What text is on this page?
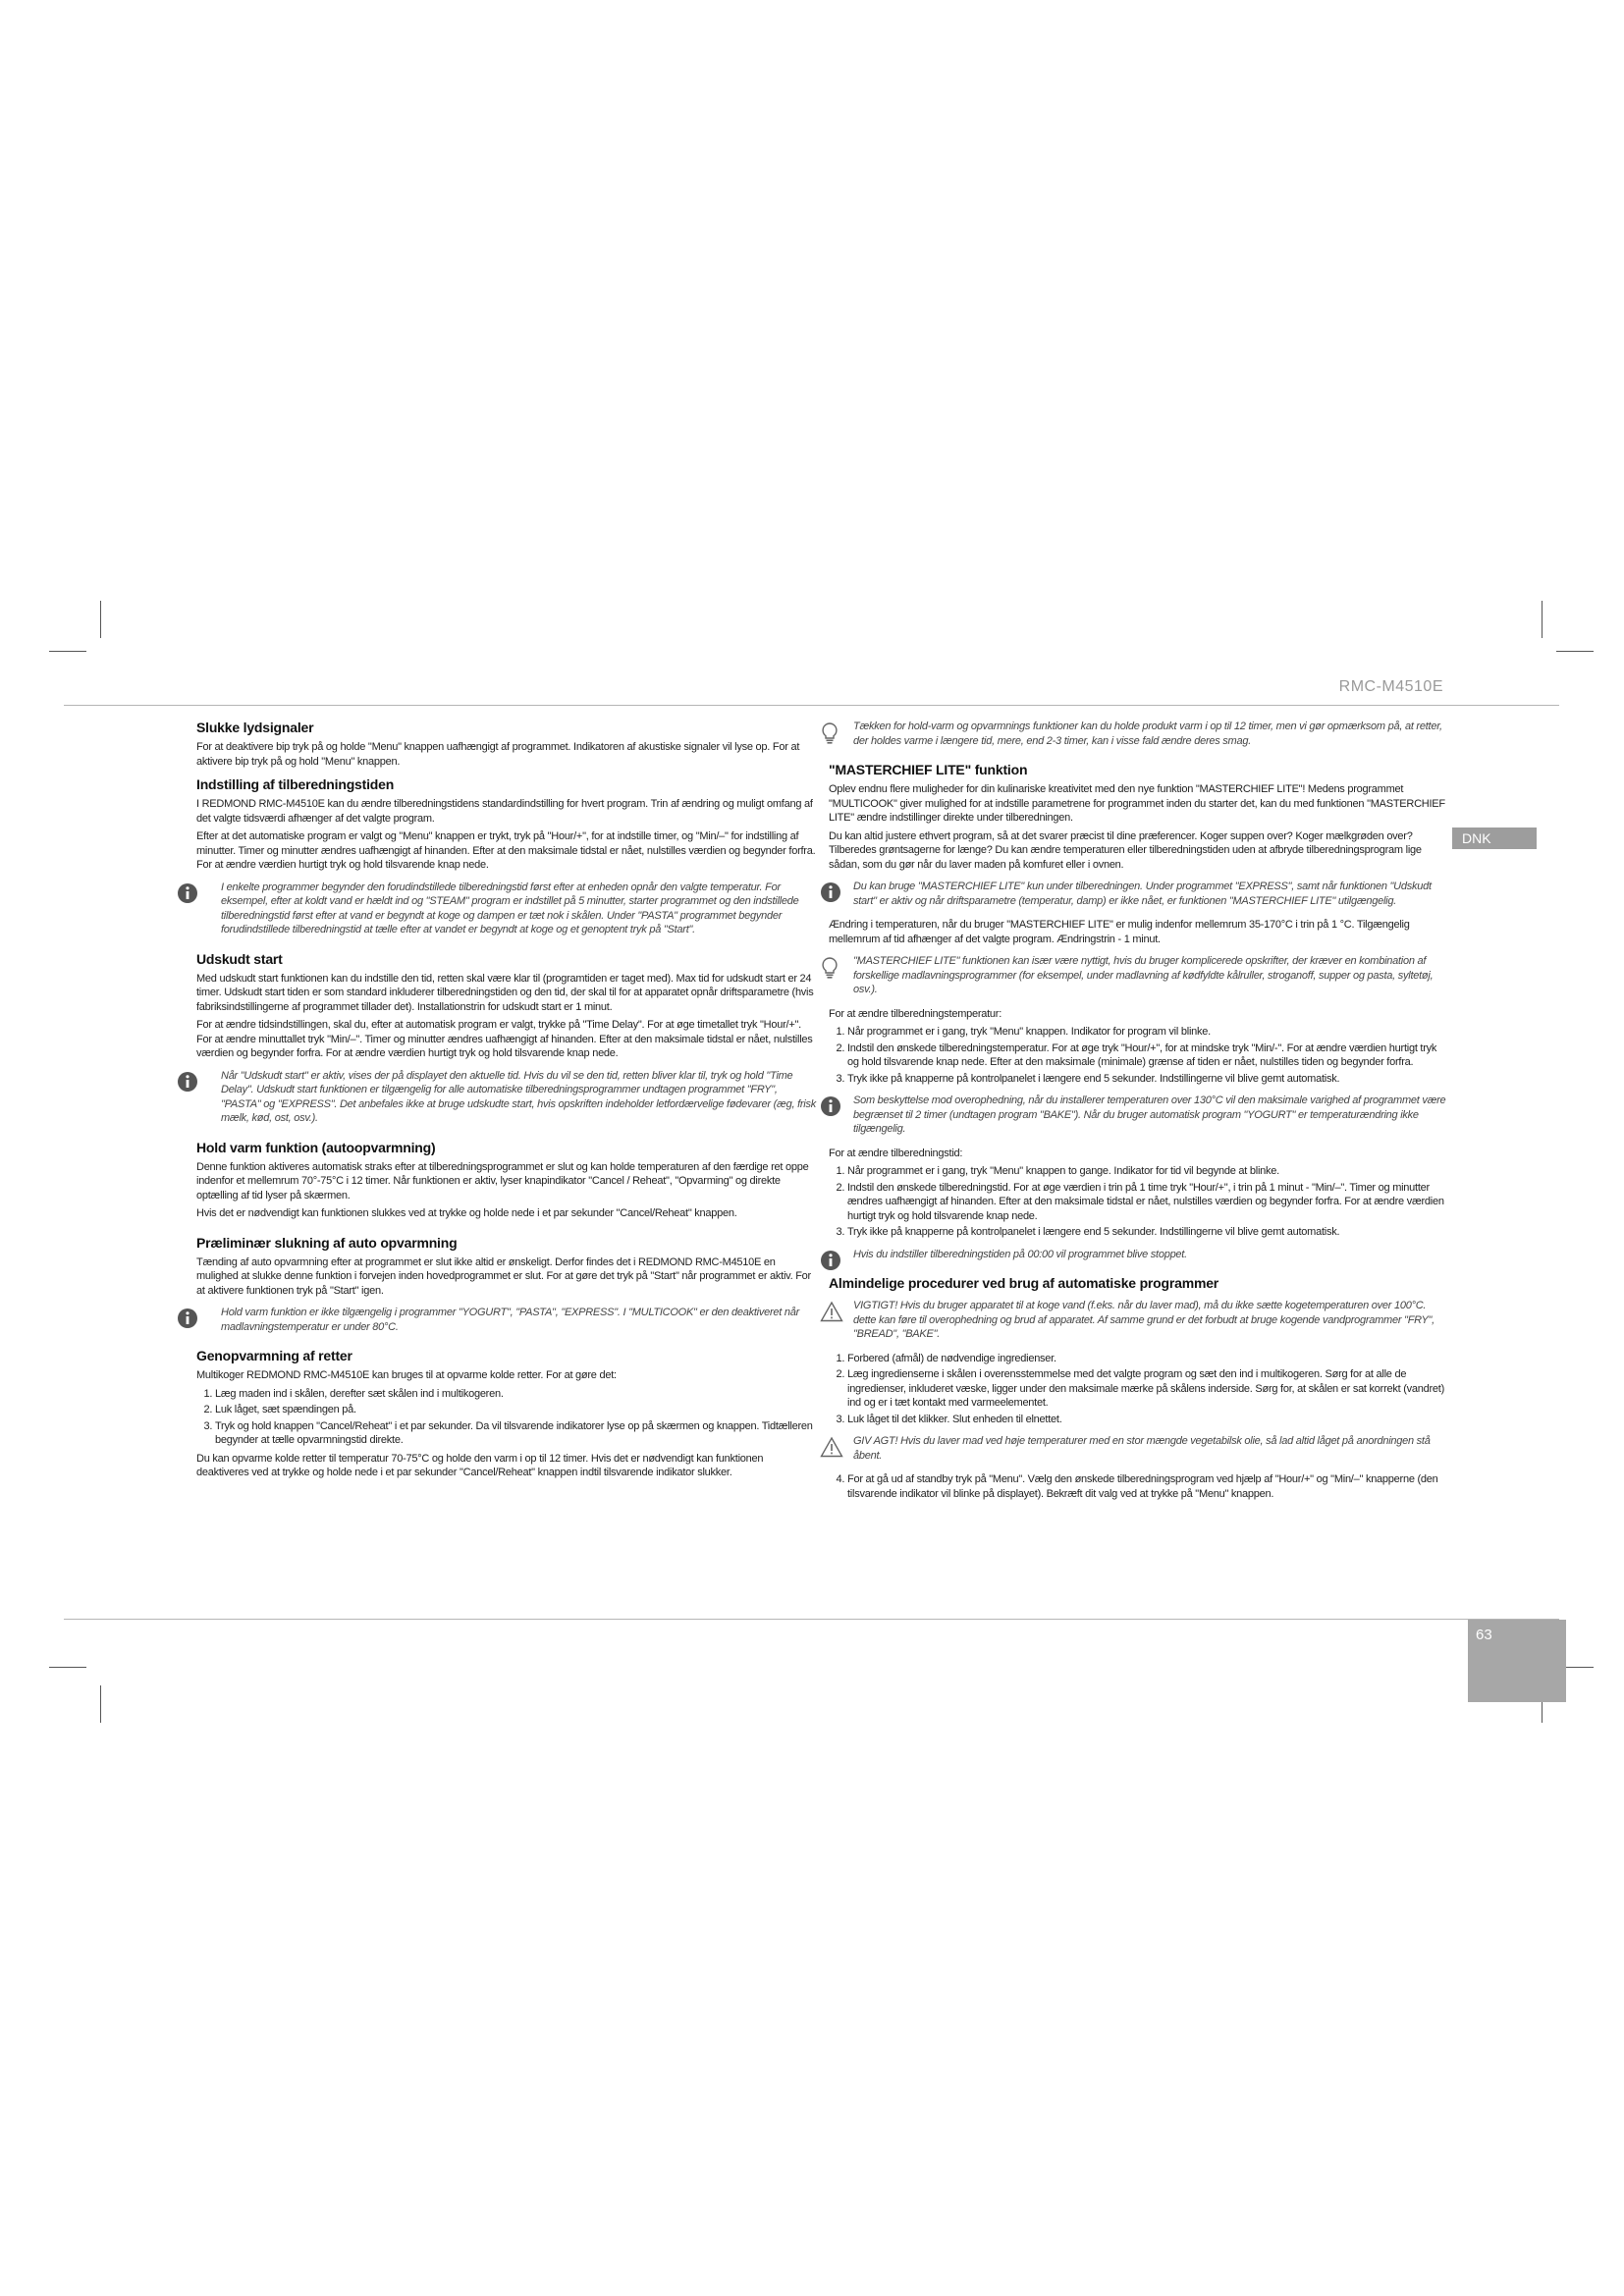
RMC-M4510E
DNK
63
Slukke lydsignaler

For at deaktivere bip tryk på og holde "Menu" knappen uafhængigt af programmet. Indikatoren af akustiske signaler vil lyse op. For at aktivere bip tryk på og hold "Menu" knappen.

Indstilling af tilberedningstiden

I REDMOND RMC-M4510E kan du ændre tilberedningstidens standardindstilling for hvert program. Trin af ændring og muligt omfang af det valgte tidsværdi afhænger af det valgte program.

Efter at det automatiske program er valgt og "Menu" knappen er trykt, tryk på "Hour/+", for at indstille timer, og "Min/–" for indstilling af minutter. Timer og minutter ændres uafhængigt af hinanden. Efter at den maksimale tidstal er nået, nulstilles værdien og begynder forfra. For at ændre værdien hurtigt tryk og hold tilsvarende knap nede.

I enkelte programmer begynder den forudindstillede tilberedningstid først efter at enheden opnår den valgte temperatur. For eksempel, efter at koldt vand er hældt ind og "STEAM" program er indstillet på 5 minutter, starter programmet og den indstillede tilberedningstid først efter at vand er begyndt at koge og dampen er tæt nok i skålen. Under "PASTA" programmet begynder forudindstillede tilberedningstid at tælle efter at vandet er begyndt at koge og et genoptent tryk på "Start".

Udskudt start

Med udskudt start funktionen kan du indstille den tid, retten skal være klar til (programtiden er taget med). Max tid for udskudt start er 24 timer. Udskudt start tiden er som standard inkluderer tilberedningstiden og den tid, der skal til for at apparatet opnår driftsparametre (hvis fabriksindstillingerne af programmet tillader det). Installationstrin for udskudt start er 1 minut.

For at ændre tidsindstillingen, skal du, efter at automatisk program er valgt, trykke på "Time Delay". For at øge timetallet tryk "Hour/+". For at ændre minuttallet tryk "Min/–". Timer og minutter ændres uafhængigt af hinanden. Efter at den maksimale tidstal er nået, nulstilles værdien og begynder forfra. For at ændre værdien hurtigt tryk og hold tilsvarende knap nede.

Når "Udskudt start" er aktiv, vises der på displayet den aktuelle tid. Hvis du vil se den tid, retten bliver klar til, tryk og hold "Time Delay". Udskudt start funktionen er tilgængelig for alle automatiske tilberedningsprogrammer undtagen programmet "FRY", "PASTA" og "EXPRESS". Det anbefales ikke at bruge udskudte start, hvis opskriften indeholder letfordærvelige fødevarer (æg, frisk mælk, kød, ost, osv.).

Hold varm funktion (autoopvarmning)

Denne funktion aktiveres automatisk straks efter at tilberedningsprogrammet er slut og kan holde temperaturen af den færdige ret oppe indenfor et mellemrum 70°-75°C i 12 timer. Når funktionen er aktiv, lyser knapindikator "Cancel / Reheat", "Opvarming" og direkte optælling af tid lyser på skærmen.

Hvis det er nødvendigt kan funktionen slukkes ved at trykke og holde nede i et par sekunder "Cancel/Reheat" knappen.

Præliminær slukning af auto opvarmning

Tænding af auto opvarmning efter at programmet er slut ikke altid er ønskeligt. Derfor findes det i REDMOND RMC-M4510E en mulighed at slukke denne funktion i forvejen inden hovedprogrammet er slut. For at gøre det tryk på "Start" når programmet er aktiv. For at aktivere funktionen tryk på "Start" igen.

Hold varm funktion er ikke tilgængelig i programmer "YOGURT", "PASTA", "EXPRESS". I "MULTICOOK" er den deaktiveret når madlavningstemperatur er under 80°C.

Genopvarmning af retter

Multikoger REDMOND RMC-M4510E kan bruges til at opvarme kolde retter. For at gøre det:

1. Læg maden ind i skålen, derefter sæt skålen ind i multikogeren.
2. Luk låget, sæt spændingen på.
3. Tryk og hold knappen "Cancel/Reheat" i et par sekunder. Da vil tilsvarende indikatorer lyse op på skærmen og knappen. Tidtælleren begynder at tælle opvarmningstid direkte.

Du kan opvarme kolde retter til temperatur 70-75°C og holde den varm i op til 12 timer. Hvis det er nødvendigt kan funktionen deaktiveres ved at trykke og holde nede i et par sekunder "Cancel/Reheat" knappen indtil tilsvarende indikator slukker.

Tækken for hold-varm og opvarmnings funktioner kan du holde produkt varm i op til 12 timer, men vi gør opmærksom på, at retter, der holdes varme i længere tid, mere, end 2-3 timer, kan i visse fald ændre deres smag.

"MASTERCHIEF LITE" funktion

Oplev endnu flere muligheder for din kulinariske kreativitet med den nye funktion "MASTERCHIEF LITE"! Medens programmet "MULTICOOK" giver mulighed for at indstille parametrene for programmet inden du starter det, kan du med funktionen "MASTERCHIEF LITE" ændre indstillinger direkte under tilberedningen.

Du kan altid justere ethvert program, så at det svarer præcist til dine præferencer. Koger suppen over? Koger mælkgrøden over? Tilberedes grøntsagerne for længe? Du kan ændre temperaturen eller tilberedningstiden uden at afbryde tilberedningsprogram lige sådan, som du gør når du laver maden på komfuret eller i ovnen.

Du kan bruge "MASTERCHIEF LITE" kun under tilberedningen. Under programmet "EXPRESS", samt når funktionen "Udskudt start" er aktiv og når driftsparametre (temperatur, damp) er ikke nået, er funktionen "MASTERCHIEF LITE" utilgængelig.

Ændring i temperaturen, når du bruger "MASTERCHIEF LITE" er mulig indenfor mellemrum 35-170°C i trin på 1 °C. Tilgængelig mellemrum af tid afhænger af det valgte program. Ændringstrin - 1 minut.

"MASTERCHIEF LITE" funktionen kan især være nyttigt, hvis du bruger komplicerede opskrifter, der kræver en kombination af forskellige madlavningsprogrammer (for eksempel, under madlavning af kødfyldte kålruller, stroganoff, supper og pasta, syltetøj, osv.).

For at ændre tilberedningstemperatur:

1. Når programmet er i gang, tryk "Menu" knappen. Indikator for program vil blinke.
2. Indstil den ønskede tilberedningstemperatur. For at øge tryk "Hour/+", for at mindske tryk "Min/-". For at ændre værdien hurtigt tryk og hold tilsvarende knap nede. Efter at den maksimale (minimale) grænse af tiden er nået, nulstilles tiden og begynder forfra.
3. Tryk ikke på knapperne på kontrolpanelet i længere end 5 sekunder. Indstillingerne vil blive gemt automatisk.

Som beskyttelse mod overophedning, når du installerer temperaturen over 130°C vil den maksimale varighed af programmet være begrænset til 2 timer (undtagen program "BAKE"). Når du bruger automatisk program "YOGURT" er temperaturændring ikke tilgængelig.

For at ændre tilberedningstid:

1. Når programmet er i gang, tryk "Menu" knappen to gange. Indikator for tid vil begynde at blinke.
2. Indstil den ønskede tilberedningstid. For at øge værdien i trin på 1 time tryk "Hour/+", i trin på 1 minut - "Min/–". Timer og minutter ændres uafhængigt af hinanden. Efter at den maksimale tidstal er nået, nulstilles værdien og begynder forfra. For at ændre værdien hurtigt tryk og hold tilsvarende knap nede.
3. Tryk ikke på knapperne på kontrolpanelet i længere end 5 sekunder. Indstillingerne vil blive gemt automatisk.

Hvis du indstiller tilberedningstiden på 00:00 vil programmet blive stoppet.

Almindelige procedurer ved brug af automatiske programmer

VIGTIGT! Hvis du bruger apparatet til at koge vand (f.eks. når du laver mad), må du ikke sætte kogetemperaturen over 100°C. dette kan føre til overophedning og brud af apparatet. Af samme grund er det forbudt at bruge kogende vandprogrammer "FRY", "BREAD", "BAKE".

1. Forbered (afmål) de nødvendige ingredienser.
2. Læg ingredienserne i skålen i overensstemmelse med det valgte program og sæt den ind i multikogeren. Sørg for at alle de ingredienser, inkluderet væske, ligger under den maksimale mærke på skålens inderside. Sørg for, at skålen er sat korrekt (vandret) ind og er i tæt kontakt med varmeelementet.
3. Luk låget til det klikker. Slut enheden til elnettet.

GIV AGT! Hvis du laver mad ved høje temperaturer med en stor mængde vegetabilsk olie, så lad altid låget på anordningen stå åbent.

4. For at gå ud af standby tryk på "Menu". Vælg den ønskede tilberedningsprogram ved hjælp af "Hour/+" og "Min/–" knapperne (den tilsvarende indikator vil blinke på displayet). Bekræft dit valg ved at trykke på "Menu" knappen.
